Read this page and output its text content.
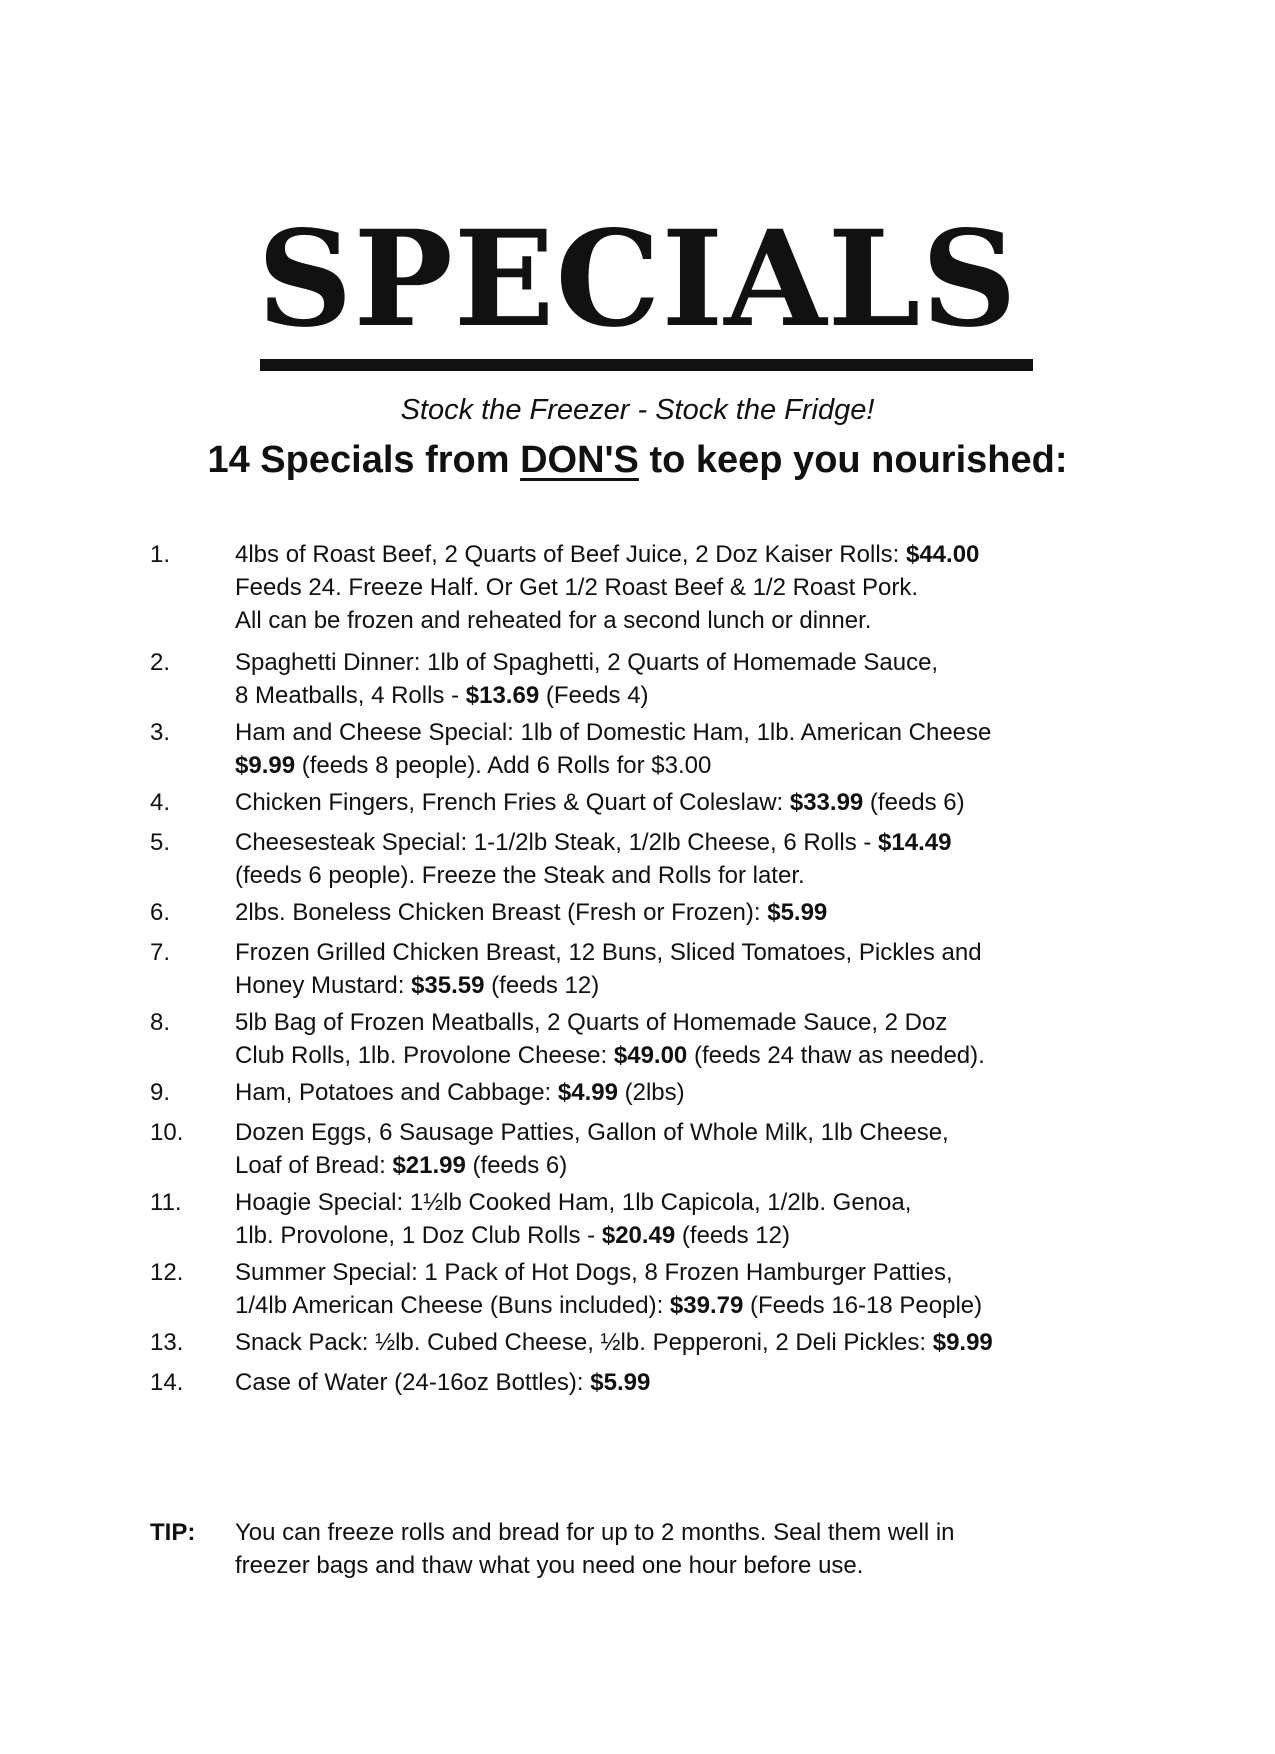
SPECIALS
Stock the Freezer - Stock the Fridge!
14 Specials from DON'S to keep you nourished:
1.	4lbs of Roast Beef, 2 Quarts of Beef Juice, 2 Doz Kaiser Rolls: $44.00
Feeds 24. Freeze Half. Or Get 1/2 Roast Beef & 1/2 Roast Pork.
All can be frozen and reheated for a second lunch or dinner.
2.	Spaghetti Dinner: 1lb of Spaghetti, 2 Quarts of Homemade Sauce,
8 Meatballs, 4 Rolls - $13.69 (Feeds 4)
3.	Ham and Cheese Special: 1lb of Domestic Ham, 1lb. American Cheese
$9.99 (feeds 8 people). Add 6 Rolls for $3.00
4.	Chicken Fingers, French Fries & Quart of Coleslaw: $33.99 (feeds 6)
5.	Cheesesteak Special: 1-1/2lb Steak, 1/2lb Cheese, 6 Rolls - $14.49
(feeds 6 people). Freeze the Steak and Rolls for later.
6.	2lbs. Boneless Chicken Breast (Fresh or Frozen): $5.99
7.	Frozen Grilled Chicken Breast, 12 Buns, Sliced Tomatoes, Pickles and
Honey Mustard: $35.59 (feeds 12)
8.	5lb Bag of Frozen Meatballs, 2 Quarts of Homemade Sauce, 2 Doz
Club Rolls, 1lb. Provolone Cheese: $49.00 (feeds 24 thaw as needed).
9.	Ham, Potatoes and Cabbage: $4.99 (2lbs)
10.	Dozen Eggs, 6 Sausage Patties, Gallon of Whole Milk, 1lb Cheese,
Loaf of Bread: $21.99 (feeds 6)
11.	Hoagie Special: 1½lb Cooked Ham, 1lb Capicola, 1/2lb. Genoa,
1lb. Provolone, 1 Doz Club Rolls - $20.49 (feeds 12)
12.	Summer Special: 1 Pack of Hot Dogs, 8 Frozen Hamburger Patties,
1/4lb American Cheese (Buns included): $39.79 (Feeds 16-18 People)
13.	Snack Pack: ½lb. Cubed Cheese, ½lb. Pepperoni, 2 Deli Pickles: $9.99
14.	Case of Water (24-16oz Bottles): $5.99
TIP:	You can freeze rolls and bread for up to 2 months. Seal them well in
freezer bags and thaw what you need one hour before use.
